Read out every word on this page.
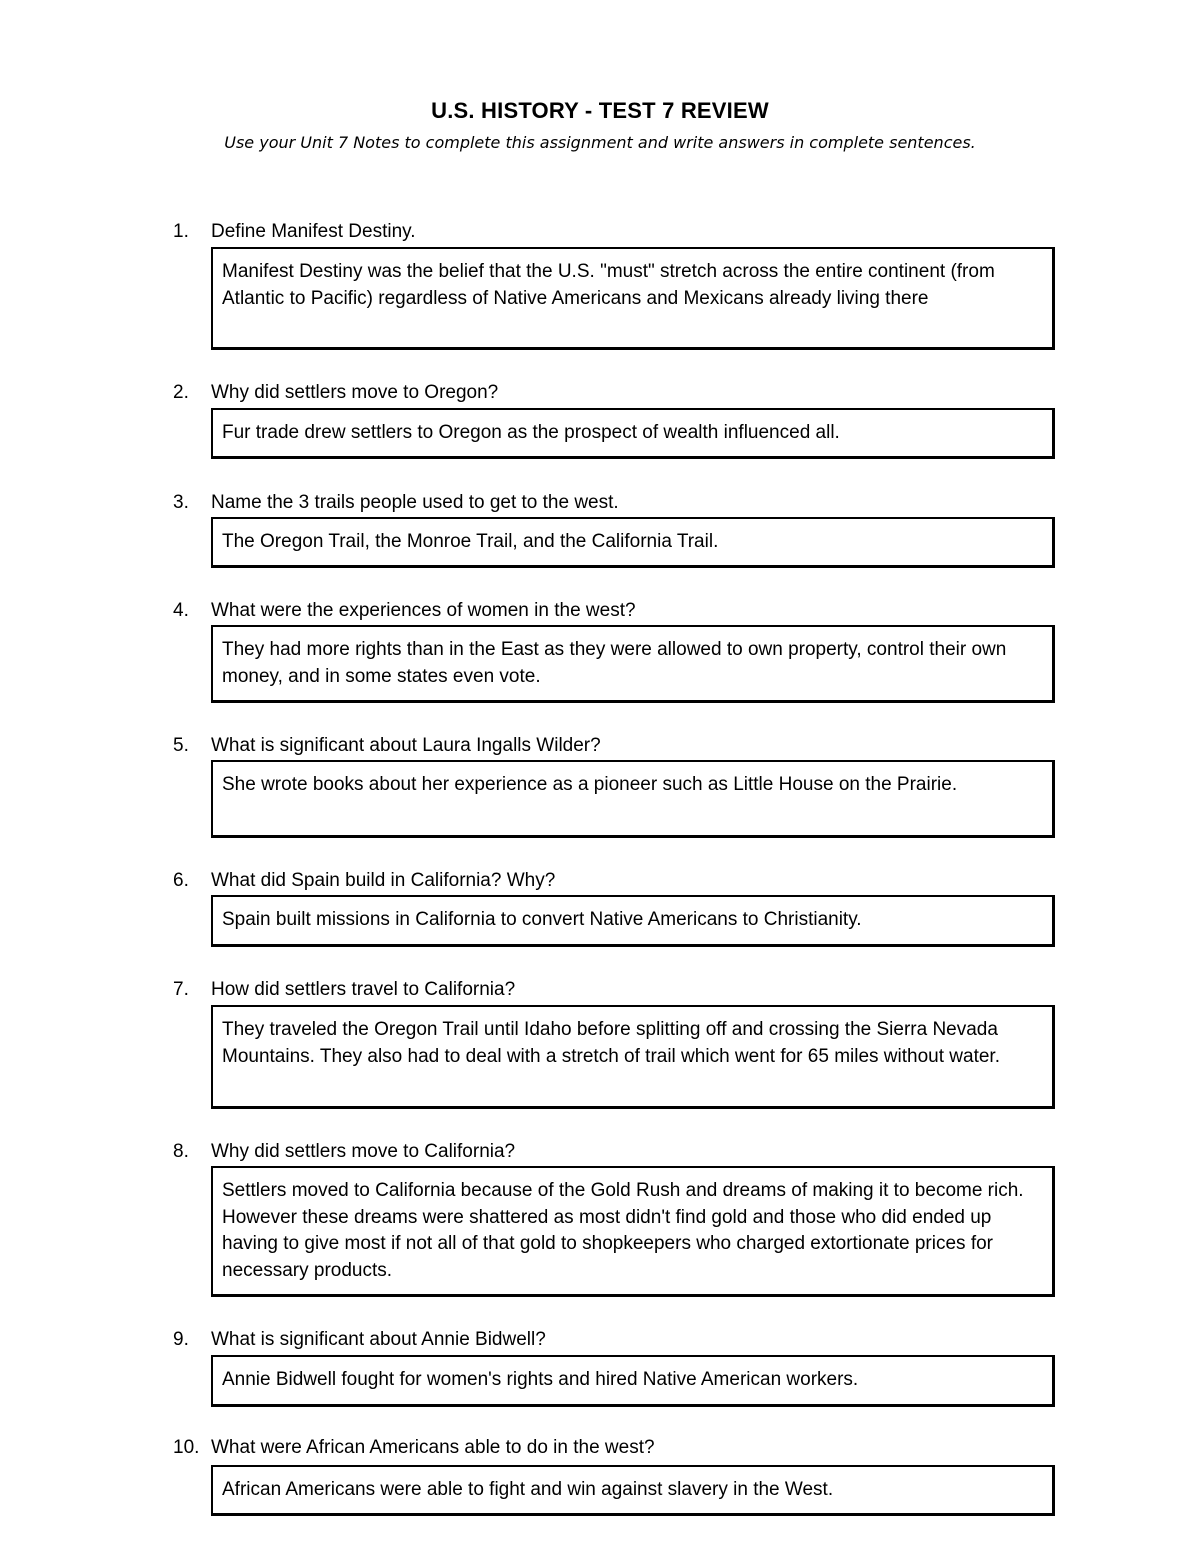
U.S. HISTORY - TEST 7 REVIEW
Use your Unit 7 Notes to complete this assignment and write answers in complete sentences.
1.	Define Manifest Destiny.
Manifest Destiny was the belief that the U.S. "must" stretch across the entire continent (from Atlantic to Pacific) regardless of Native Americans and Mexicans already living there
2.	Why did settlers move to Oregon?
Fur trade drew settlers to Oregon as the prospect of wealth influenced all.
3.	Name the 3 trails people used to get to the west.
The Oregon Trail, the Monroe Trail, and the California Trail.
4.	What were the experiences of women in the west?
They had more rights than in the East as they were allowed to own property, control their own money, and in some states even vote.
5.	What is significant about Laura Ingalls Wilder?
She wrote books about her experience as a pioneer such as Little House on the Prairie.
6.	What did Spain build in California? Why?
Spain built missions in California to convert Native Americans to Christianity.
7.	How did settlers travel to California?
They traveled the Oregon Trail until Idaho before splitting off and crossing the Sierra Nevada Mountains. They also had to deal with a stretch of trail which went for 65 miles without water.
8.	Why did settlers move to California?
Settlers moved to California because of the Gold Rush and dreams of making it to become rich. However these dreams were shattered as most didn't find gold and those who did ended up having to give most if not all of that gold to shopkeepers who charged extortionate prices for necessary products.
9.	What is significant about Annie Bidwell?
Annie Bidwell fought for women's rights and hired Native American workers.
10. What were African Americans able to do in the west?
African Americans were able to fight and win against slavery in the West.
